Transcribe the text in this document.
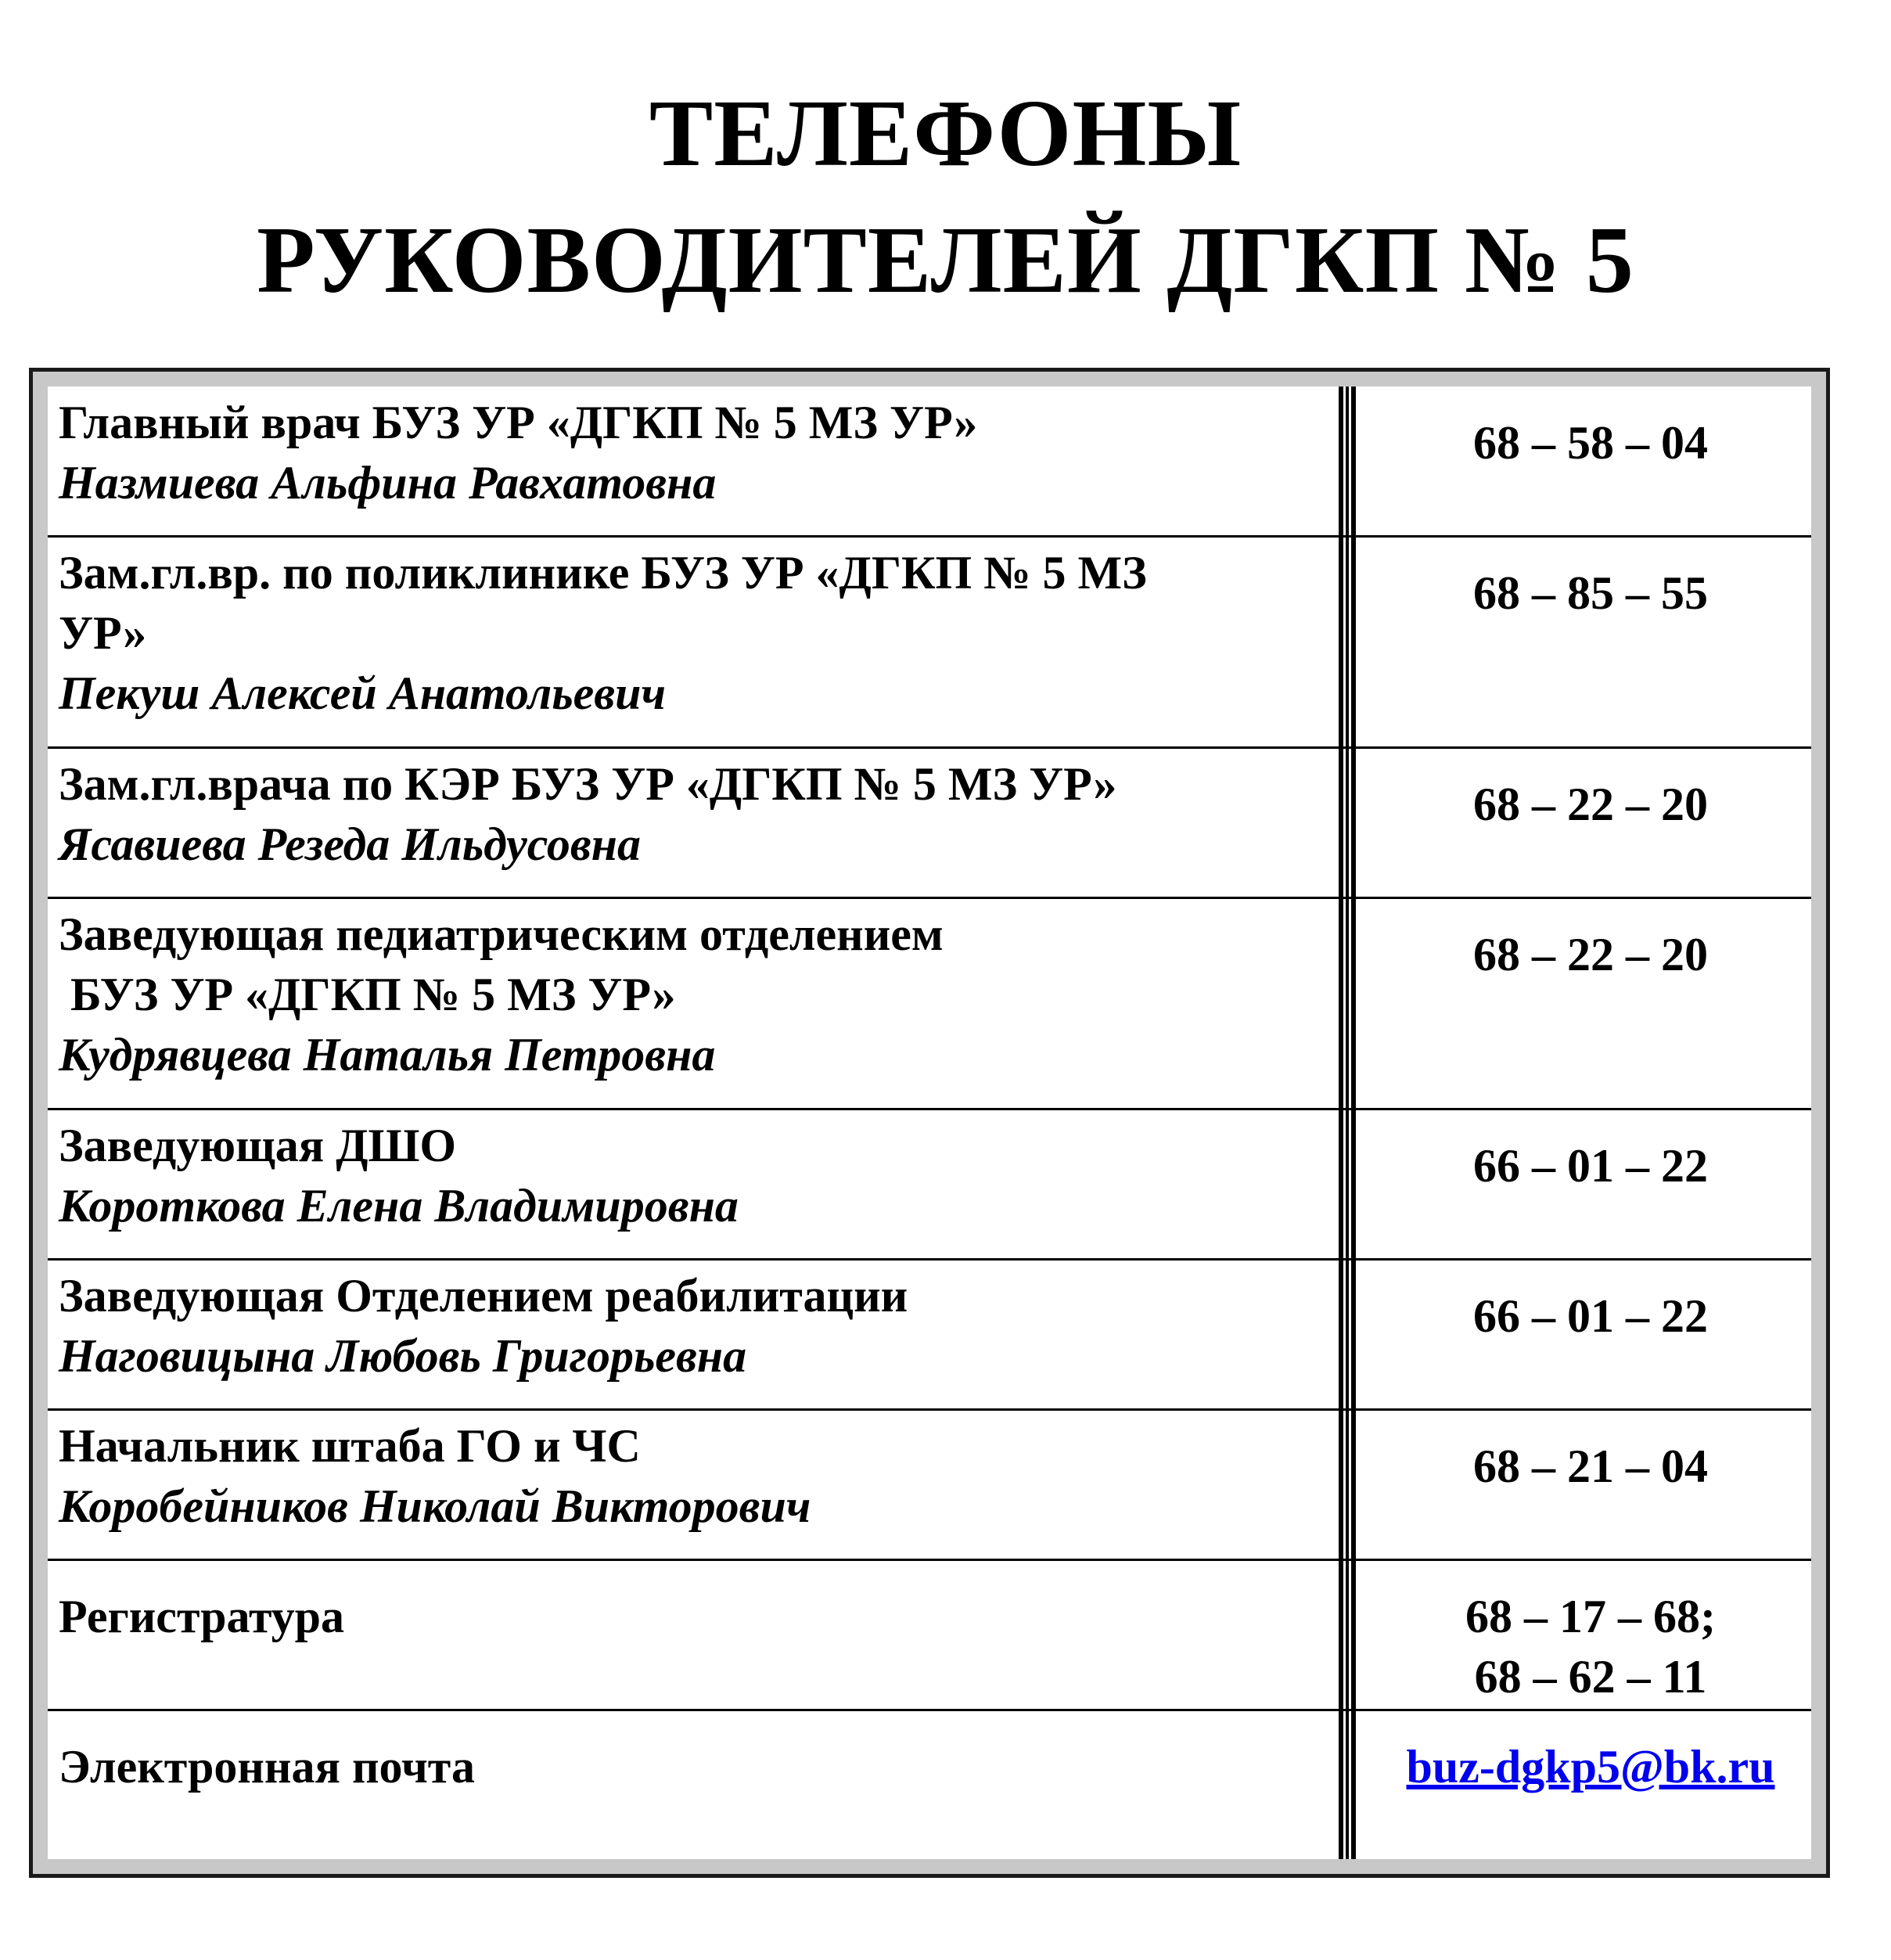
ТЕЛЕФОНЫ
РУКОВОДИТЕЛЕЙ ДГКП № 5
Главный врач БУЗ УР «ДГКП № 5 МЗ УР»
Назмиева Альфина Равхатовна
68 – 58 – 04
Зам.гл.вр. по поликлинике БУЗ УР «ДГКП № 5 МЗ
УР»
Пекуш Алексей Анатольевич
68 – 85 – 55
Зам.гл.врача по КЭР БУЗ УР «ДГКП № 5 МЗ УР»
Ясавиева Резеда Ильдусовна
68 – 22 – 20
Заведующая педиатрическим отделением
БУЗ УР «ДГКП № 5 МЗ УР»
Кудрявцева Наталья Петровна
68 – 22 – 20
Заведующая ДШО
Короткова Елена Владимировна
66 – 01 – 22
Заведующая Отделением реабилитации
Наговицына Любовь Григорьевна
66 – 01 – 22
Начальник штаба ГО и ЧС
Коробейников Николай Викторович
68 – 21 – 04
Регистратура	68 – 17 – 68;
68 – 62 – 11
Электронная почта	buz-dgkp5@bk.ru
